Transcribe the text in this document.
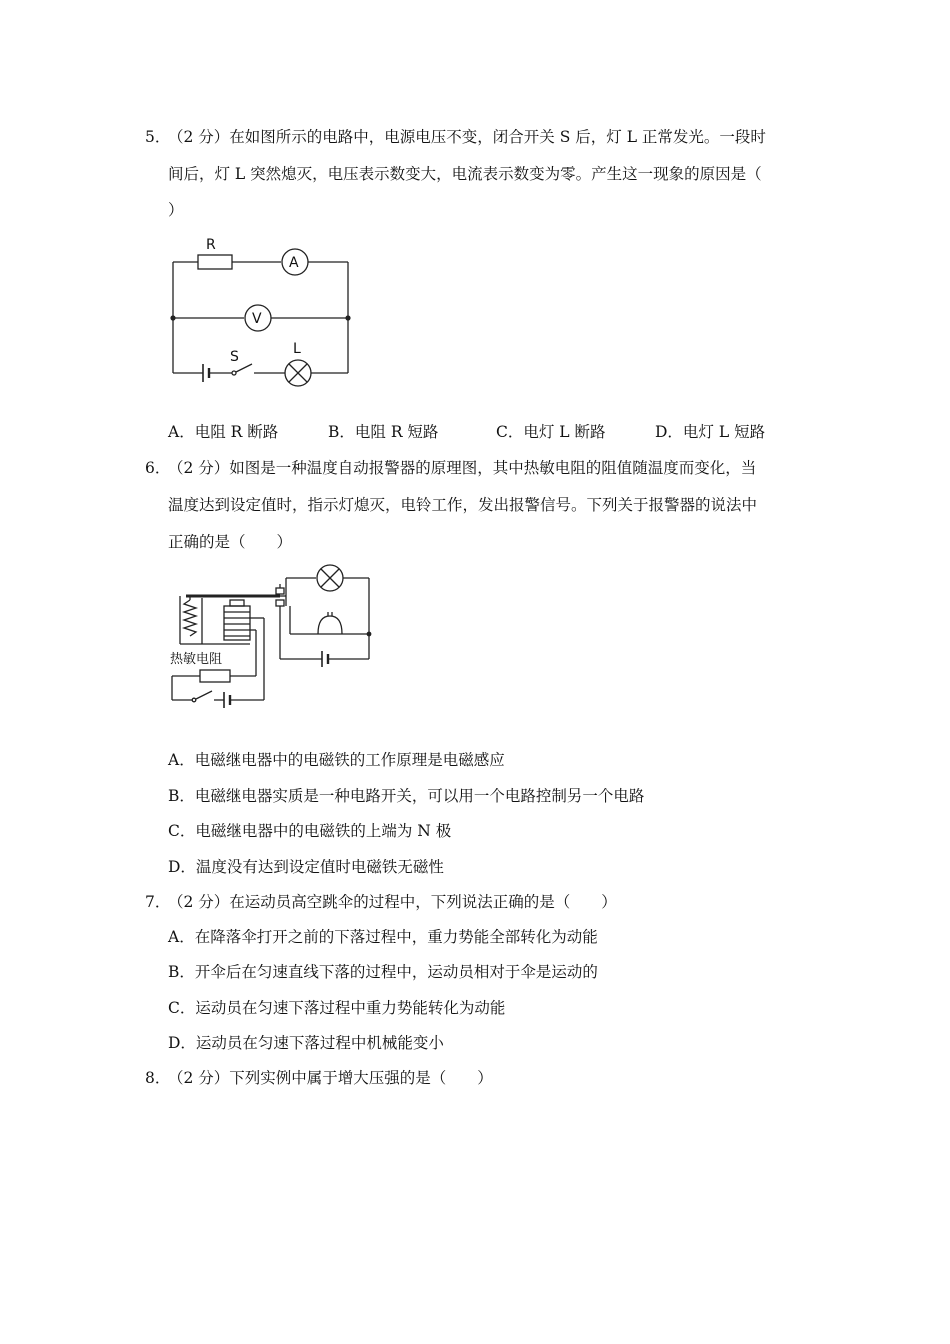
5．
（2 分）在如图所示的电路中，电源电压不变，闭合开关 S 后，灯 L 正常发光。一段时
间后，灯 L 突然熄灭，电压表示数变大，电流表示数变为零。产生这一现象的原因是（
）
R
A
V
S	L
A．电阻 R 断路	B．电阻 R 短路	C．电灯 L 断路	D．电灯 L 短路
6．
（2 分）如图是一种温度自动报警器的原理图，其中热敏电阻的阻值随温度而变化，当
温度达到设定值时，指示灯熄灭，电铃工作，发出报警信号。下列关于报警器的说法中
正确的是（　　）
热敏电阻
A．电磁继电器中的电磁铁的工作原理是电磁感应
B．电磁继电器实质是一种电路开关，可以用一个电路控制另一个电路
C．电磁继电器中的电磁铁的上端为 N 极
D．温度没有达到设定值时电磁铁无磁性
7．
（2 分）在运动员高空跳伞的过程中，下列说法正确的是（　　）
A．在降落伞打开之前的下落过程中，重力势能全部转化为动能
B．开伞后在匀速直线下落的过程中，运动员相对于伞是运动的
C．运动员在匀速下落过程中重力势能转化为动能
D．运动员在匀速下落过程中机械能变小
8．
（2 分）下列实例中属于增大压强的是（　　）
